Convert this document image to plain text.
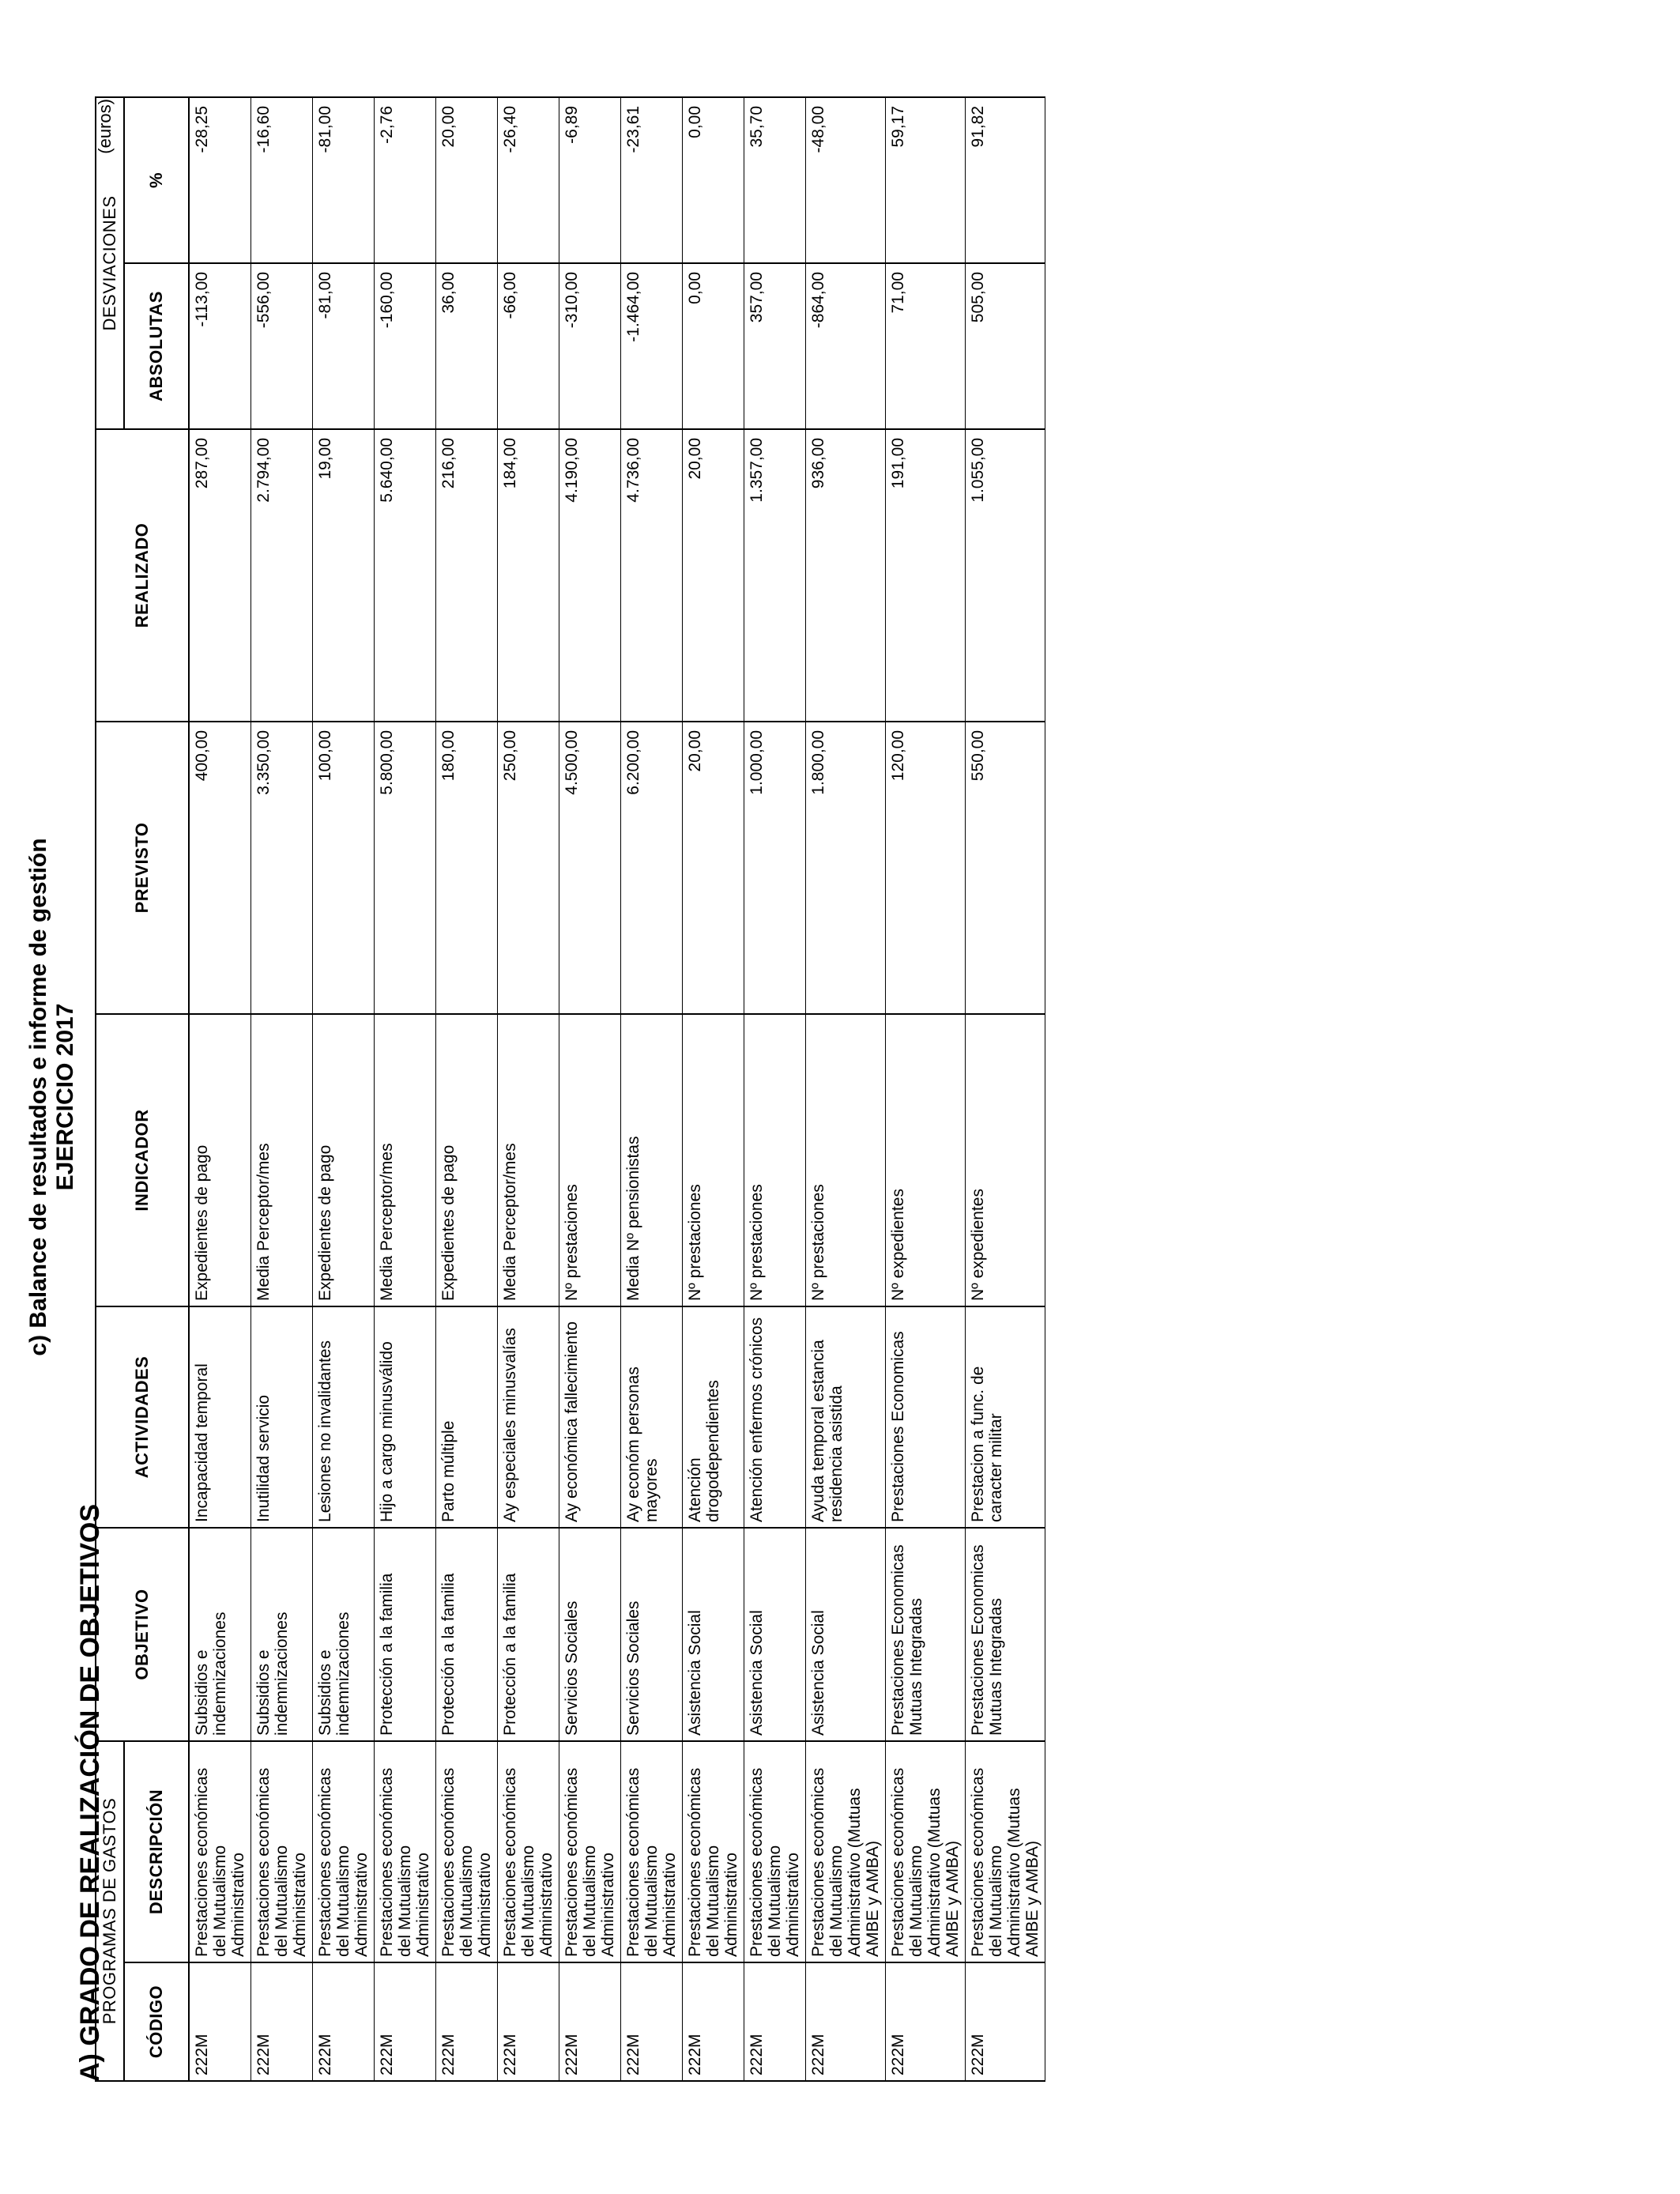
c) Balance de resultados e informe de gestión EJERCICIO 2017
A) GRADO DE REALIZACIÓN DE OBJETIVOS
(euros)
PROGRAMAS DE GASTOS		OBJETIVO	ACTIVIDADES	INDICADOR	PREVISTO	REALIZADO	DESVIACIONES	
CÓDIGO	DESCRIPCIÓN						ABSOLUTAS	%
222M	Prestaciones económicas del Mutualismo Administrativo	Subsidios e indemnizaciones	Incapacidad temporal	Expedientes de pago	400,00	287,00	-113,00	-28,25
222M	Prestaciones económicas del Mutualismo Administrativo	Subsidios e indemnizaciones	Inutilidad servicio	Media Perceptor/mes	3.350,00	2.794,00	-556,00	-16,60
222M	Prestaciones económicas del Mutualismo Administrativo	Subsidios e indemnizaciones	Lesiones no invalidantes	Expedientes de pago	100,00	19,00	-81,00	-81,00
222M	Prestaciones económicas del Mutualismo Administrativo	Protección a la familia	Hijo a cargo minusválido	Media Perceptor/mes	5.800,00	5.640,00	-160,00	-2,76
222M	Prestaciones económicas del Mutualismo Administrativo	Protección a la familia	Parto múltiple	Expedientes de pago	180,00	216,00	36,00	20,00
222M	Prestaciones económicas del Mutualismo Administrativo	Protección a la familia	Ay especiales minusvalías	Media Perceptor/mes	250,00	184,00	-66,00	-26,40
222M	Prestaciones económicas del Mutualismo Administrativo	Servicios Sociales	Ay económica fallecimiento	Nº prestaciones	4.500,00	4.190,00	-310,00	-6,89
222M	Prestaciones económicas del Mutualismo Administrativo	Servicios Sociales	Ay económ personas mayores	Media Nº pensionistas	6.200,00	4.736,00	-1.464,00	-23,61
222M	Prestaciones económicas del Mutualismo Administrativo	Asistencia Social	Atención drogodependientes	Nº prestaciones	20,00	20,00	0,00	0,00
222M	Prestaciones económicas del Mutualismo Administrativo	Asistencia Social	Atención enfermos crónicos	Nº prestaciones	1.000,00	1.357,00	357,00	35,70
222M	Prestaciones económicas del Mutualismo Administrativo (Mutuas AMBE y AMBA)	Asistencia Social	Ayuda temporal estancia residencia asistida	Nº prestaciones	1.800,00	936,00	-864,00	-48,00
222M	Prestaciones económicas del Mutualismo Administrativo (Mutuas AMBE y AMBA)	Prestaciones Economicas Mutuas Integradas	Prestaciones Economicas	Nº expedientes	120,00	191,00	71,00	59,17
222M	Prestaciones económicas del Mutualismo Administrativo (Mutuas AMBE y AMBA)	Prestaciones Economicas Mutuas Integradas	Prestacion a func. de caracter militar	Nº expedientes	550,00	1.055,00	505,00	91,82
